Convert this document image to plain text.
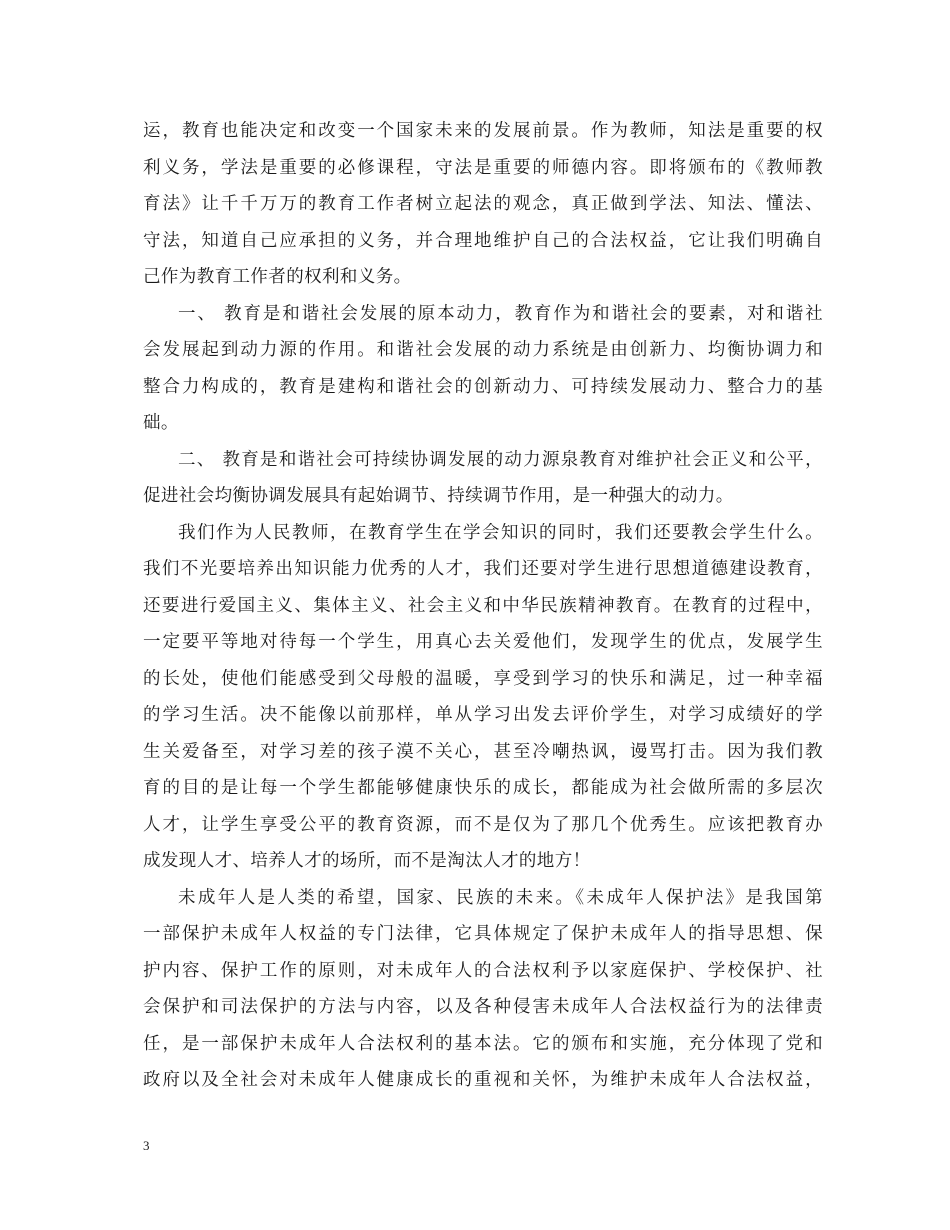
运，教育也能决定和改变一个国家未来的发展前景。作为教师，知法是重要的权
利义务，学法是重要的必修课程，守法是重要的师德内容。即将颁布的《教师教
育法》让千千万万的教育工作者树立起法的观念，真正做到学法、知法、懂法、
守法，知道自己应承担的义务，并合理地维护自己的合法权益，它让我们明确自
己作为教育工作者的权利和义务。
一、 教育是和谐社会发展的原本动力，教育作为和谐社会的要素，对和谐社
会发展起到动力源的作用。和谐社会发展的动力系统是由创新力、均衡协调力和
整合力构成的，教育是建构和谐社会的创新动力、可持续发展动力、整合力的基
础。
二、 教育是和谐社会可持续协调发展的动力源泉教育对维护社会正义和公平，
促进社会均衡协调发展具有起始调节、持续调节作用，是一种强大的动力。
我们作为人民教师，在教育学生在学会知识的同时，我们还要教会学生什么。
我们不光要培养出知识能力优秀的人才，我们还要对学生进行思想道德建设教育，
还要进行爱国主义、集体主义、社会主义和中华民族精神教育。在教育的过程中，
一定要平等地对待每一个学生，用真心去关爱他们，发现学生的优点，发展学生
的长处，使他们能感受到父母般的温暖，享受到学习的快乐和满足，过一种幸福
的学习生活。决不能像以前那样，单从学习出发去评价学生，对学习成绩好的学
生关爱备至，对学习差的孩子漠不关心，甚至冷嘲热讽，谩骂打击。因为我们教
育的目的是让每一个学生都能够健康快乐的成长，都能成为社会做所需的多层次
人才，让学生享受公平的教育资源，而不是仅为了那几个优秀生。应该把教育办
成发现人才、培养人才的场所，而不是淘汰人才的地方！
未成年人是人类的希望，国家、民族的未来。《未成年人保护法》是我国第
一部保护未成年人权益的专门法律，它具体规定了保护未成年人的指导思想、保
护内容、保护工作的原则，对未成年人的合法权利予以家庭保护、学校保护、社
会保护和司法保护的方法与内容，以及各种侵害未成年人合法权益行为的法律责
任，是一部保护未成年人合法权利的基本法。它的颁布和实施，充分体现了党和
政府以及全社会对未成年人健康成长的重视和关怀，为维护未成年人合法权益，
3
